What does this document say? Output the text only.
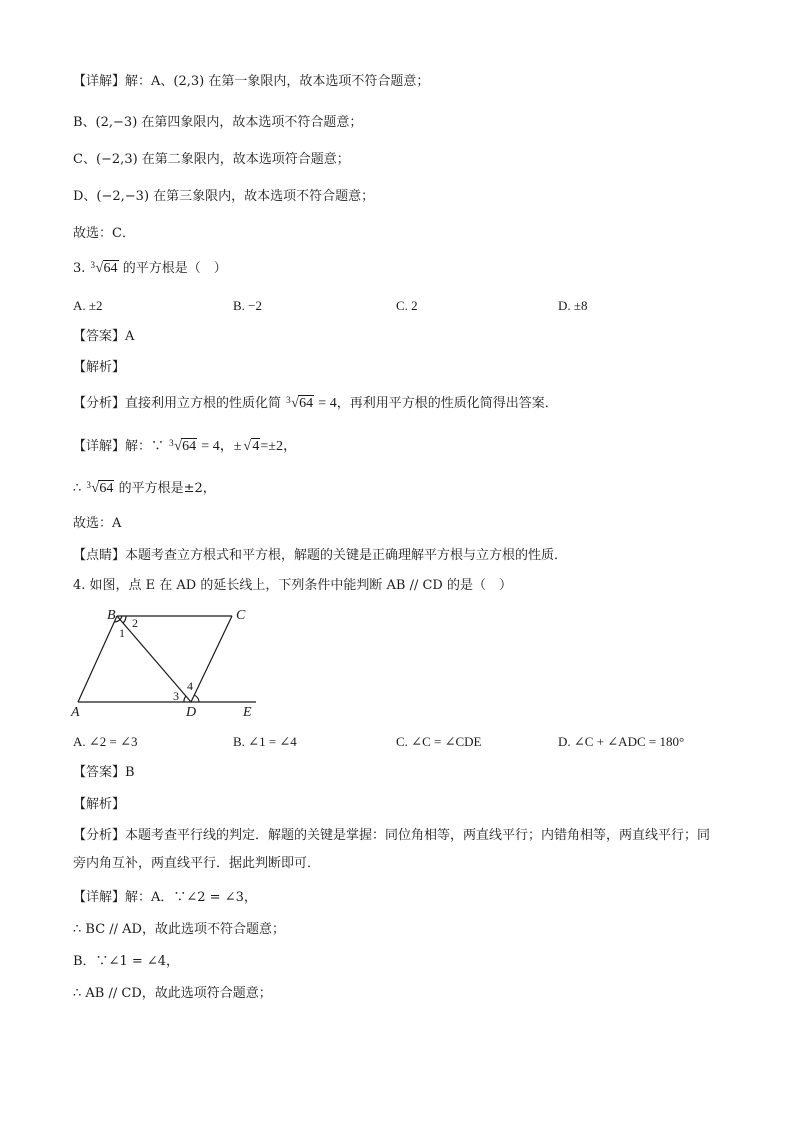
【详解】解：A、(2,3) 在第一象限内，故本选项不符合题意；
B、(2,−3) 在第四象限内，故本选项不符合题意；
C、(−2,3) 在第二象限内，故本选项符合题意；
D、(−2,−3) 在第三象限内，故本选项不符合题意；
故选：C．
3. 3 √ 64 的平方根是（　）
A. ±2	B. −2	C. 2	D. ±8
【答案】A
【解析】
【分析】直接利用立方根的性质化简 3 √ 64 = 4，再利用平方根的性质化简得出答案．
【详解】解：∵ 3 √ 64 = 4，± √ 4=±2，
∴ 3 √ 64 的平方根是±2，
故选：A
【点睛】本题考查立方根式和平方根，解题的关键是正确理解平方根与立方根的性质．
4. 如图，点 E 在 AD 的延长线上，下列条件中能判断 AB // CD 的是（　）
B	C
A	D	E
1
2
3
4
A. ∠2 = ∠3	B. ∠1 = ∠4	C. ∠C = ∠CDE	D. ∠C + ∠ADC = 180°
【答案】B
【解析】
【分析】本题考查平行线的判定．解题的关键是掌握：同位角相等，两直线平行；内错角相等，两直线平行；同旁内角互补，两直线平行．据此判断即可．
【详解】解：A．∵∠2 = ∠3，
∴ BC // AD，故此选项不符合题意；
B．∵∠1 = ∠4，
∴ AB // CD，故此选项符合题意；
